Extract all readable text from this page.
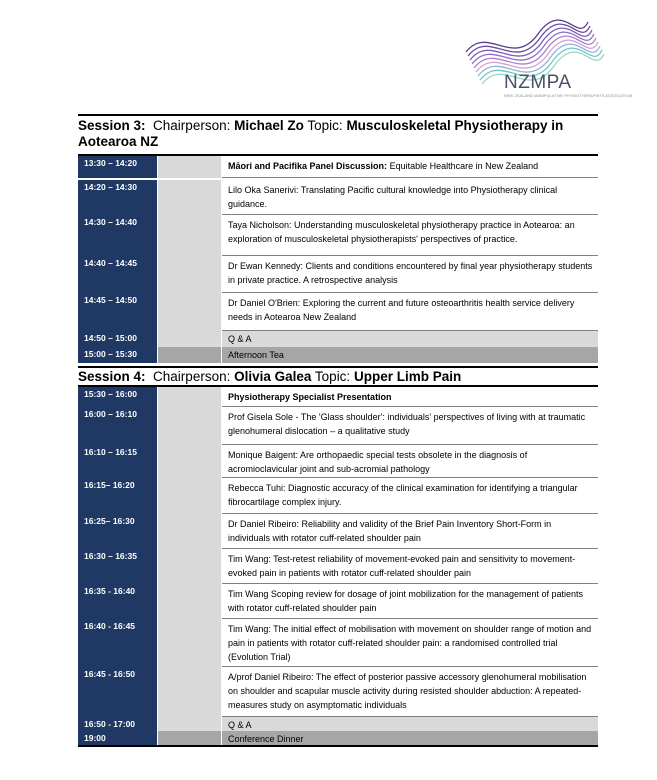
NZMPA
NEW ZEALAND MANIPULATIVE PHYSIOTHERAPISTS ASSOCIATION
Session 3: Chairperson: Michael Zo Topic: Musculoskeletal Physiotherapy in Aotearoa NZ
13:30 – 14:20	Māori and Pacifika Panel Discussion: Equitable Healthcare in New Zealand
14:20 – 14:30	Lilo Oka Sanerivi: Translating Pacific cultural knowledge into Physiotherapy clinical guidance.
14:30 – 14:40	Taya Nicholson: Understanding musculoskeletal physiotherapy practice in Aotearoa: an exploration of musculoskeletal physiotherapists' perspectives of practice.
14:40 – 14:45	Dr Ewan Kennedy: Clients and conditions encountered by final year physiotherapy students in private practice. A retrospective analysis
14:45 – 14:50	Dr Daniel O'Brien: Exploring the current and future osteoarthritis health service delivery needs in Aotearoa New Zealand
14:50 – 15:00	Q & A
15:00 – 15:30	Afternoon Tea
Session 4: Chairperson: Olivia Galea Topic: Upper Limb Pain
15:30 – 16:00	Physiotherapy Specialist Presentation
16:00 – 16:10	Prof Gisela Sole - The 'Glass shoulder': individuals' perspectives of living with at traumatic glenohumeral dislocation – a qualitative study
16:10 – 16:15	Monique Baigent: Are orthopaedic special tests obsolete in the diagnosis of acromioclavicular joint and sub-acromial pathology
16:15– 16:20	Rebecca Tuhi: Diagnostic accuracy of the clinical examination for identifying a triangular fibrocartilage complex injury.
16:25– 16:30	Dr Daniel Ribeiro: Reliability and validity of the Brief Pain Inventory Short-Form in individuals with rotator cuff-related shoulder pain
16:30 – 16:35	Tim Wang: Test-retest reliability of movement-evoked pain and sensitivity to movement-evoked pain in patients with rotator cuff-related shoulder pain
16:35 - 16:40	Tim Wang Scoping review for dosage of joint mobilization for the management of patients with rotator cuff-related shoulder pain
16:40 - 16:45	Tim Wang: The initial effect of mobilisation with movement on shoulder range of motion and pain in patients with rotator cuff-related shoulder pain: a randomised controlled trial (Evolution Trial)
16:45 - 16:50	A/prof Daniel Ribeiro: The effect of posterior passive accessory glenohumeral mobilisation on shoulder and scapular muscle activity during resisted shoulder abduction: A repeated-measures study on asymptomatic individuals
16:50 - 17:00	Q & A
19:00	Conference Dinner
